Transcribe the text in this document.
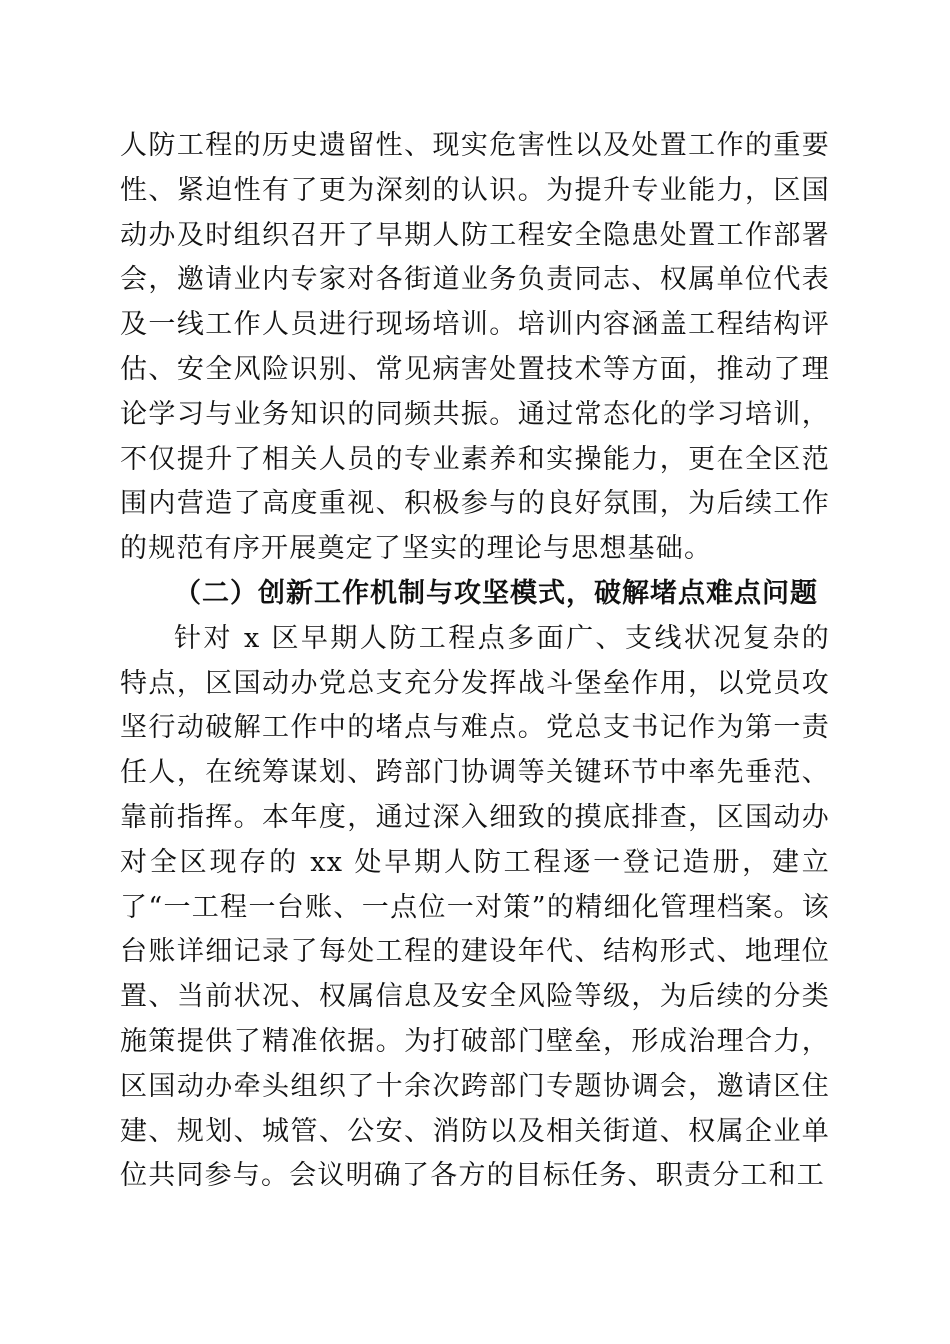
人防工程的历史遗留性、现实危害性以及处置工作的重要性、紧迫性有了更为深刻的认识。为提升专业能力，区国动办及时组织召开了早期人防工程安全隐患处置工作部署会，邀请业内专家对各街道业务负责同志、权属单位代表及一线工作人员进行现场培训。培训内容涵盖工程结构评估、安全风险识别、常见病害处置技术等方面，推动了理论学习与业务知识的同频共振。通过常态化的学习培训，不仅提升了相关人员的专业素养和实操能力，更在全区范围内营造了高度重视、积极参与的良好氛围，为后续工作的规范有序开展奠定了坚实的理论与思想基础。

（二）创新工作机制与攻坚模式，破解堵点难点问题

针对 x 区早期人防工程点多面广、支线状况复杂的特点，区国动办党总支充分发挥战斗堡垒作用，以党员攻坚行动破解工作中的堵点与难点。党总支书记作为第一责任人，在统筹谋划、跨部门协调等关键环节中率先垂范、靠前指挥。本年度，通过深入细致的摸底排查，区国动办对全区现存的 xx 处早期人防工程逐一登记造册，建立了“一工程一台账、一点位一对策”的精细化管理档案。该台账详细记录了每处工程的建设年代、结构形式、地理位置、当前状况、权属信息及安全风险等级，为后续的分类施策提供了精准依据。为打破部门壁垒，形成治理合力，区国动办牵头组织了十余次跨部门专题协调会，邀请区住建、规划、城管、公安、消防以及相关街道、权属企业单位共同参与。会议明确了各方的目标任务、职责分工和工
